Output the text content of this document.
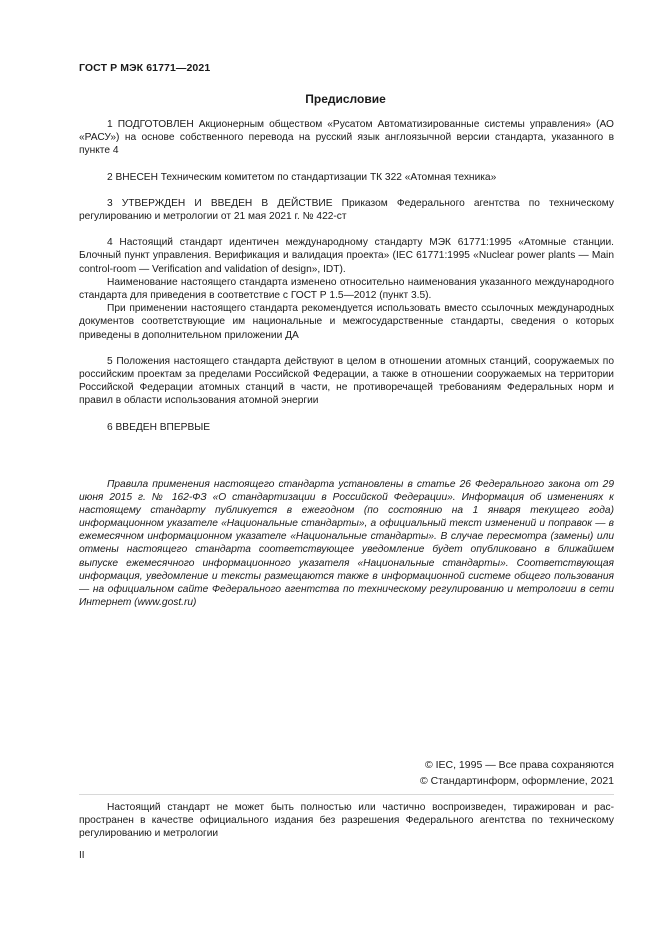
ГОСТ Р МЭК 61771—2021
Предисловие

1 ПОДГОТОВЛЕН Акционерным обществом «Русатом Автоматизированные системы управления» (АО «РАСУ») на основе собственного перевода на русский язык англоязычной версии стандарта, указанного в пункте 4

2 ВНЕСЕН Техническим комитетом по стандартизации ТК 322 «Атомная техника»

3 УТВЕРЖДЕН И ВВЕДЕН В ДЕЙСТВИЕ Приказом Федерального агентства по техническому регулированию и метрологии от 21 мая 2021 г. № 422-ст

4 Настоящий стандарт идентичен международному стандарту МЭК 61771:1995 «Атомные станции. Блочный пункт управления. Верификация и валидация проекта» (IEC 61771:1995 «Nuclear power plants — Main control-room — Verification and validation of design», IDT).

Наименование настоящего стандарта изменено относительно наименования указанного международного стандарта для приведения в соответствие с ГОСТ Р 1.5—2012 (пункт 3.5).

При применении настоящего стандарта рекомендуется использовать вместо ссылочных международных документов соответствующие им национальные и межгосударственные стандарты, сведения о которых приведены в дополнительном приложении ДА

5 Положения настоящего стандарта действуют в целом в отношении атомных станций, сооружаемых по российским проектам за пределами Российской Федерации, а также в отношении сооружаемых на территории Российской Федерации атомных станций в части, не противоречащей требованиям Федеральных норм и правил в области использования атомной энергии

6 ВВЕДЕН ВПЕРВЫЕ

Правила применения настоящего стандарта установлены в статье 26 Федерального закона от 29 июня 2015 г. № 162-ФЗ «О стандартизации в Российской Федерации». Информация об изменениях к настоящему стандарту публикуется в ежегодном (по состоянию на 1 января текущего года) информационном указателе «Национальные стандарты», а официальный текст изменений и поправок — в ежемесячном информационном указателе «Национальные стандарты». В случае пересмотра (замены) или отмены настоящего стандарта соответствующее уведомление будет опубликовано в ближайшем выпуске ежемесячного информационного указателя «Национальные стандарты». Соответствующая информация, уведомление и тексты размещаются также в информационной системе общего пользования — на официальном сайте Федерального агентства по техническому регулированию и метрологии в сети Интернет (www.gost.ru)

© IEC, 1995 — Все права сохраняются
© Стандартинформ, оформление, 2021

Настоящий стандарт не может быть полностью или частично воспроизведен, тиражирован и распространен в качестве официального издания без разрешения Федерального агентства по техническому регулированию и метрологии

II
